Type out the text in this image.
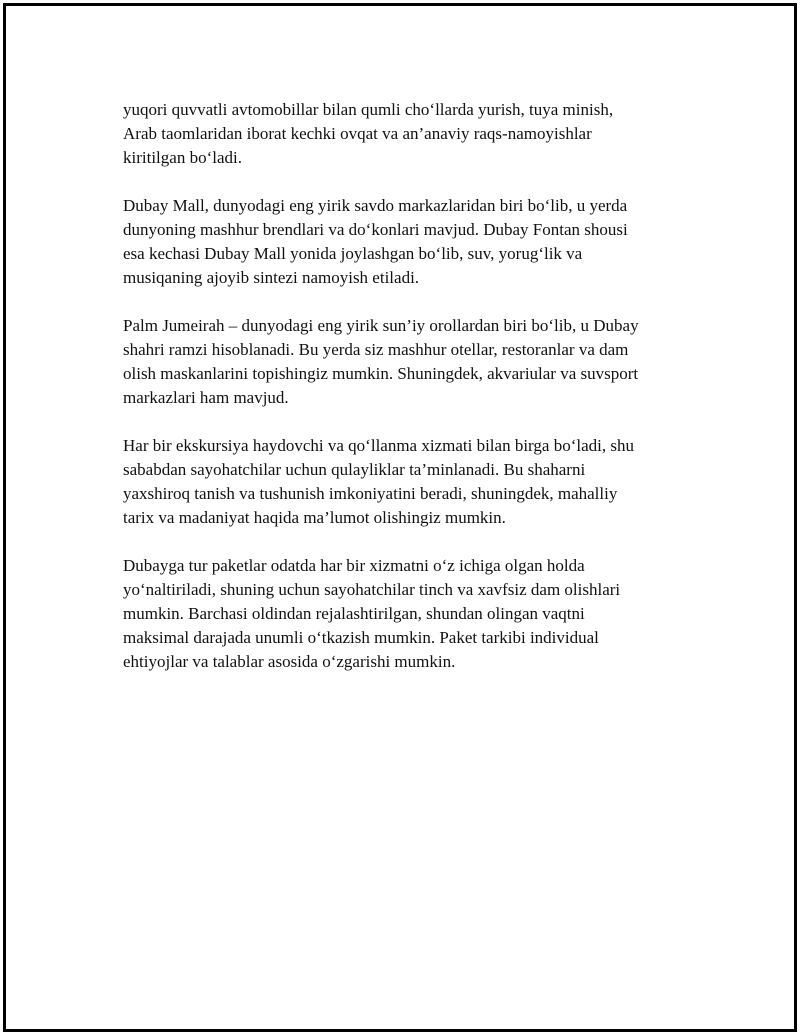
yuqori quvvatli avtomobillar bilan qumli cho‘llarda yurish, tuya minish,
Arab taomlaridan iborat kechki ovqat va an’anaviy raqs-namoyishlar
kiritilgan bo‘ladi.

Dubay Mall, dunyodagi eng yirik savdo markazlaridan biri bo‘lib, u yerda
dunyoning mashhur brendlari va do‘konlari mavjud. Dubay Fontan shousi
esa kechasi Dubay Mall yonida joylashgan bo‘lib, suv, yorug‘lik va
musiqaning ajoyib sintezi namoyish etiladi.

Palm Jumeirah – dunyodagi eng yirik sun’iy orollardan biri bo‘lib, u Dubay
shahri ramzi hisoblanadi. Bu yerda siz mashhur otellar, restoranlar va dam
olish maskanlarini topishingiz mumkin. Shuningdek, akvariular va suvsport
markazlari ham mavjud.

Har bir ekskursiya haydovchi va qo‘llanma xizmati bilan birga bo‘ladi, shu
sababdan sayohatchilar uchun qulayliklar ta’minlanadi. Bu shaharni
yaxshiroq tanish va tushunish imkoniyatini beradi, shuningdek, mahalliy
tarix va madaniyat haqida ma’lumot olishingiz mumkin.

Dubayga tur paketlar odatda har bir xizmatni o‘z ichiga olgan holda
yo‘naltiriladi, shuning uchun sayohatchilar tinch va xavfsiz dam olishlari
mumkin. Barchasi oldindan rejalashtirilgan, shundan olingan vaqtni
maksimal darajada unumli o‘tkazish mumkin. Paket tarkibi individual
ehtiyojlar va talablar asosida o‘zgarishi mumkin.
